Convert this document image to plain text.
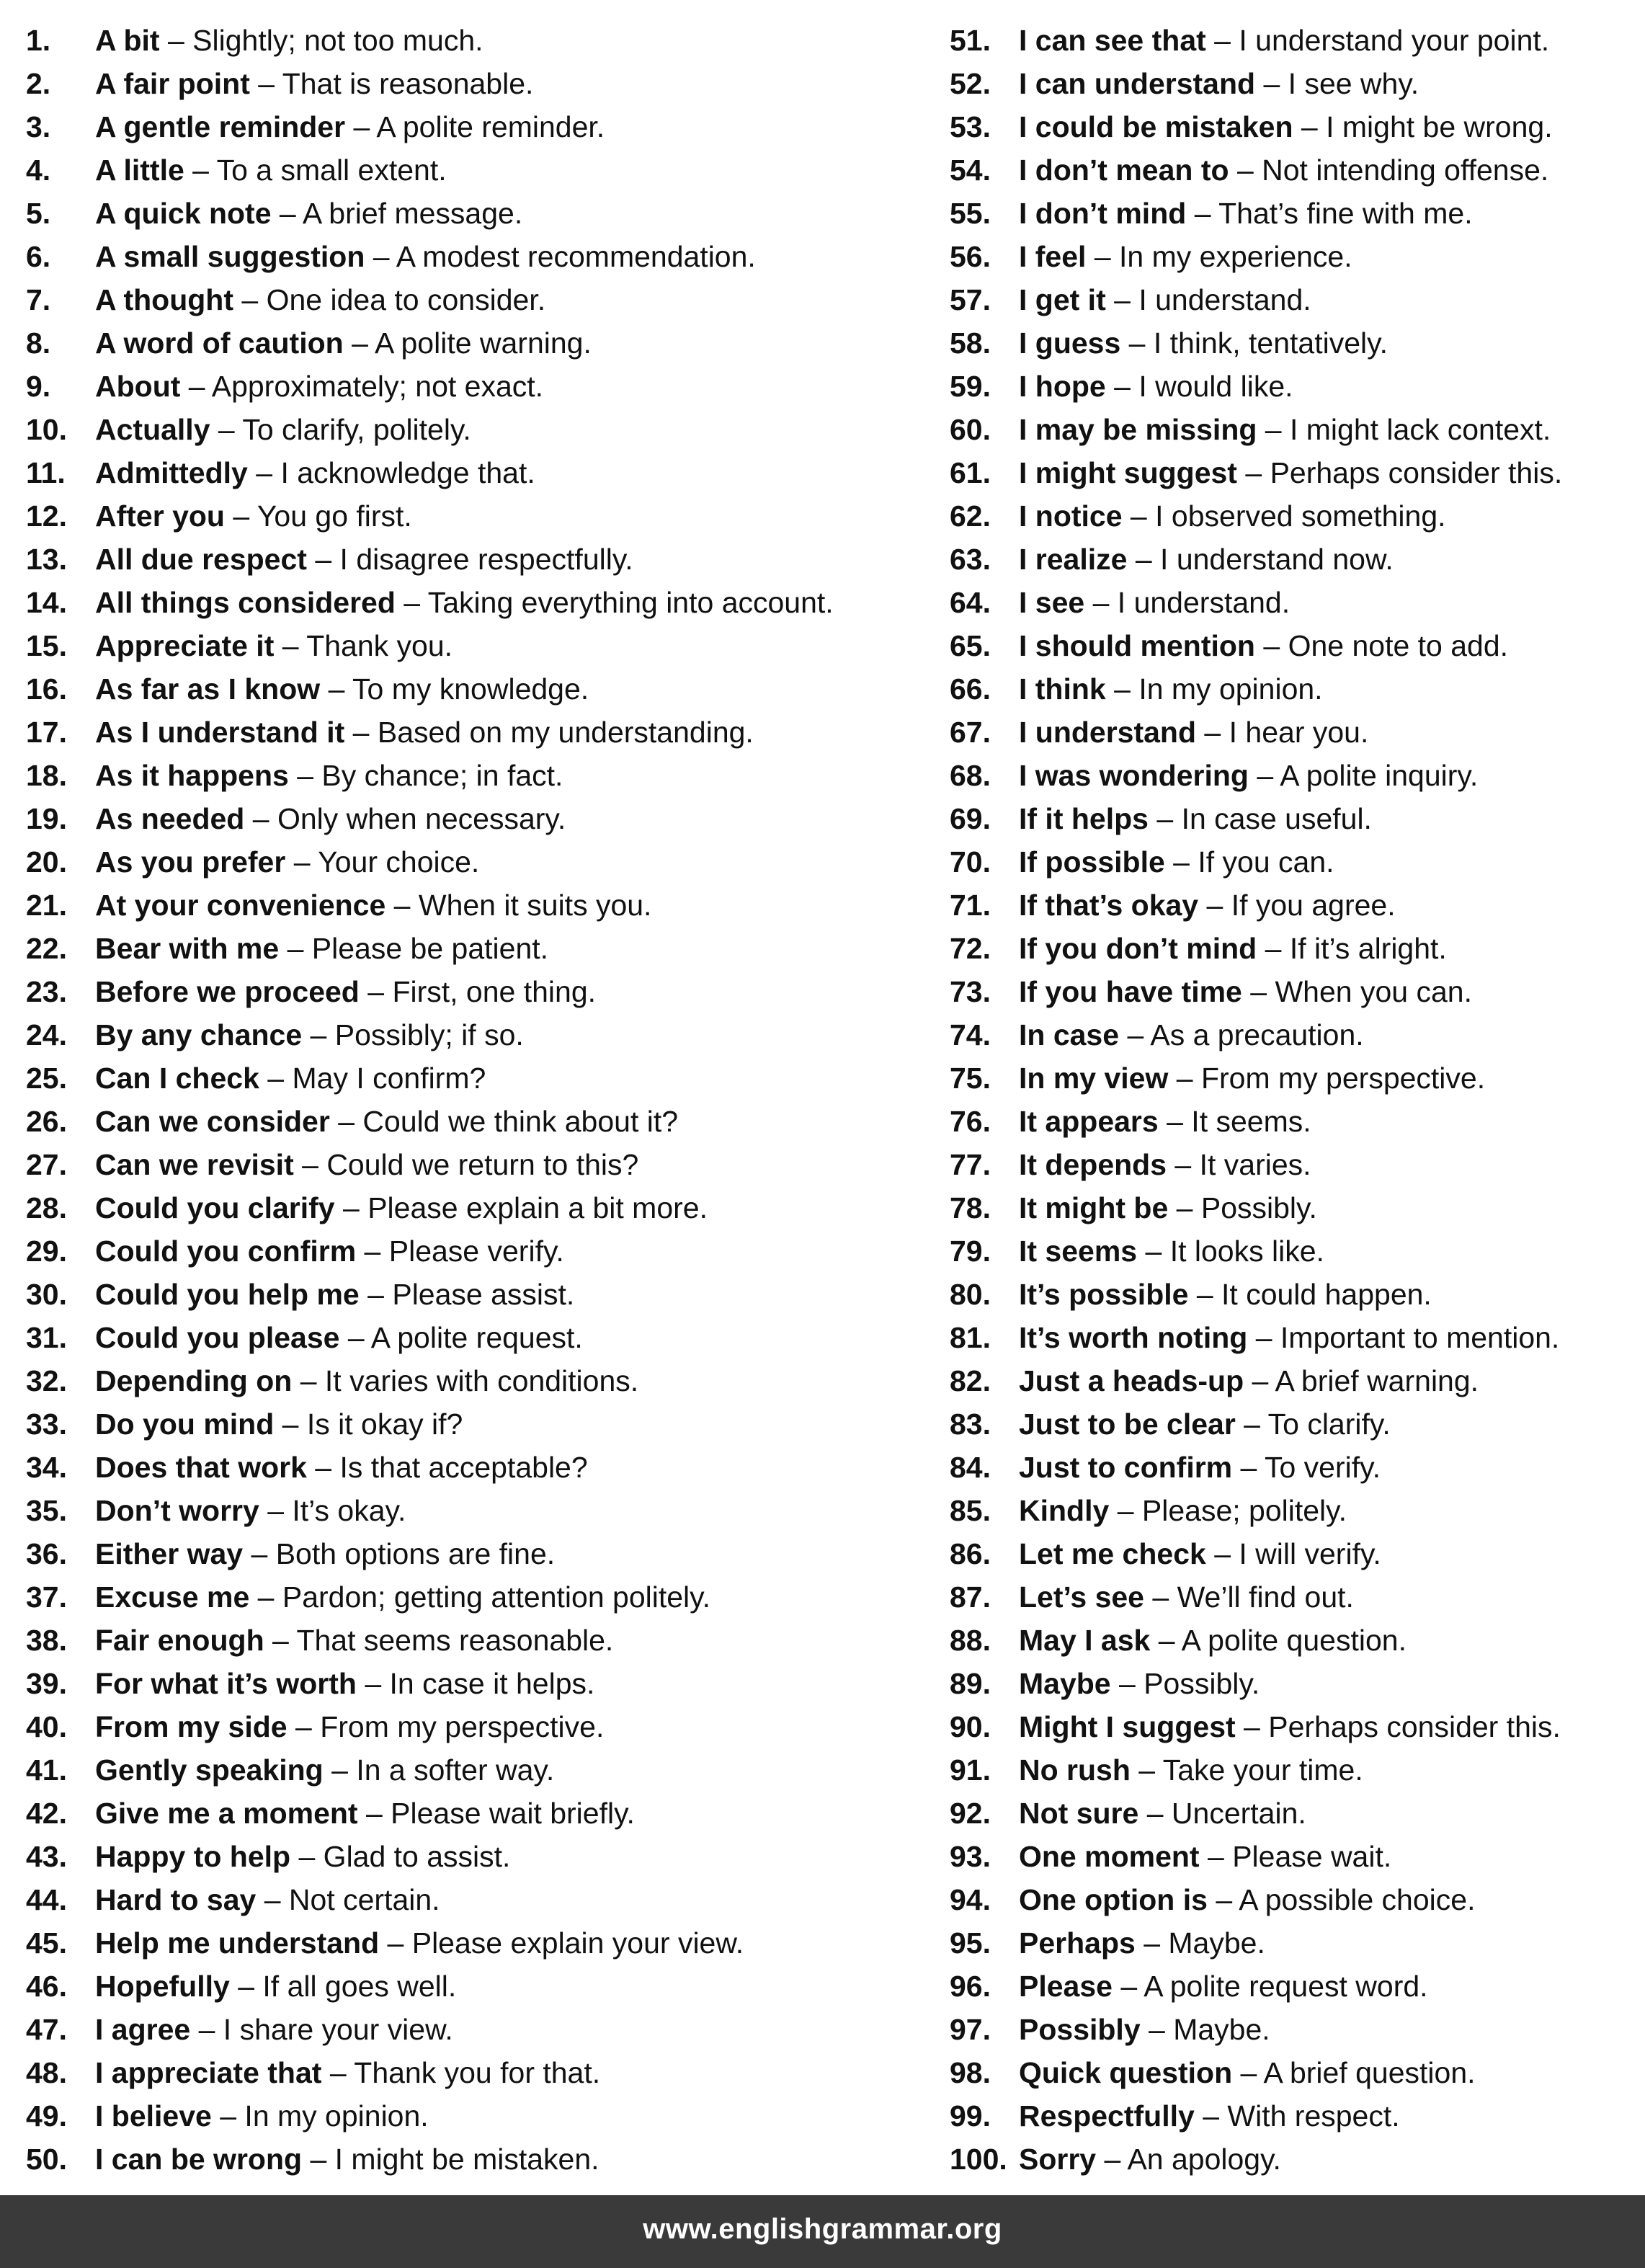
1. A bit – Slightly; not too much.
2. A fair point – That is reasonable.
3. A gentle reminder – A polite reminder.
4. A little – To a small extent.
5. A quick note – A brief message.
6. A small suggestion – A modest recommendation.
7. A thought – One idea to consider.
8. A word of caution – A polite warning.
9. About – Approximately; not exact.
10. Actually – To clarify, politely.
11. Admittedly – I acknowledge that.
12. After you – You go first.
13. All due respect – I disagree respectfully.
14. All things considered – Taking everything into account.
15. Appreciate it – Thank you.
16. As far as I know – To my knowledge.
17. As I understand it – Based on my understanding.
18. As it happens – By chance; in fact.
19. As needed – Only when necessary.
20. As you prefer – Your choice.
21. At your convenience – When it suits you.
22. Bear with me – Please be patient.
23. Before we proceed – First, one thing.
24. By any chance – Possibly; if so.
25. Can I check – May I confirm?
26. Can we consider – Could we think about it?
27. Can we revisit – Could we return to this?
28. Could you clarify – Please explain a bit more.
29. Could you confirm – Please verify.
30. Could you help me – Please assist.
31. Could you please – A polite request.
32. Depending on – It varies with conditions.
33. Do you mind – Is it okay if?
34. Does that work – Is that acceptable?
35. Don’t worry – It’s okay.
36. Either way – Both options are fine.
37. Excuse me – Pardon; getting attention politely.
38. Fair enough – That seems reasonable.
39. For what it’s worth – In case it helps.
40. From my side – From my perspective.
41. Gently speaking – In a softer way.
42. Give me a moment – Please wait briefly.
43. Happy to help – Glad to assist.
44. Hard to say – Not certain.
45. Help me understand – Please explain your view.
46. Hopefully – If all goes well.
47. I agree – I share your view.
48. I appreciate that – Thank you for that.
49. I believe – In my opinion.
50. I can be wrong – I might be mistaken.
51. I can see that – I understand your point.
52. I can understand – I see why.
53. I could be mistaken – I might be wrong.
54. I don’t mean to – Not intending offense.
55. I don’t mind – That’s fine with me.
56. I feel – In my experience.
57. I get it – I understand.
58. I guess – I think, tentatively.
59. I hope – I would like.
60. I may be missing – I might lack context.
61. I might suggest – Perhaps consider this.
62. I notice – I observed something.
63. I realize – I understand now.
64. I see – I understand.
65. I should mention – One note to add.
66. I think – In my opinion.
67. I understand – I hear you.
68. I was wondering – A polite inquiry.
69. If it helps – In case useful.
70. If possible – If you can.
71. If that’s okay – If you agree.
72. If you don’t mind – If it’s alright.
73. If you have time – When you can.
74. In case – As a precaution.
75. In my view – From my perspective.
76. It appears – It seems.
77. It depends – It varies.
78. It might be – Possibly.
79. It seems – It looks like.
80. It’s possible – It could happen.
81. It’s worth noting – Important to mention.
82. Just a heads-up – A brief warning.
83. Just to be clear – To clarify.
84. Just to confirm – To verify.
85. Kindly – Please; politely.
86. Let me check – I will verify.
87. Let’s see – We’ll find out.
88. May I ask – A polite question.
89. Maybe – Possibly.
90. Might I suggest – Perhaps consider this.
91. No rush – Take your time.
92. Not sure – Uncertain.
93. One moment – Please wait.
94. One option is – A possible choice.
95. Perhaps – Maybe.
96. Please – A polite request word.
97. Possibly – Maybe.
98. Quick question – A brief question.
99. Respectfully – With respect.
100. Sorry – An apology.
www.englishgrammar.org
